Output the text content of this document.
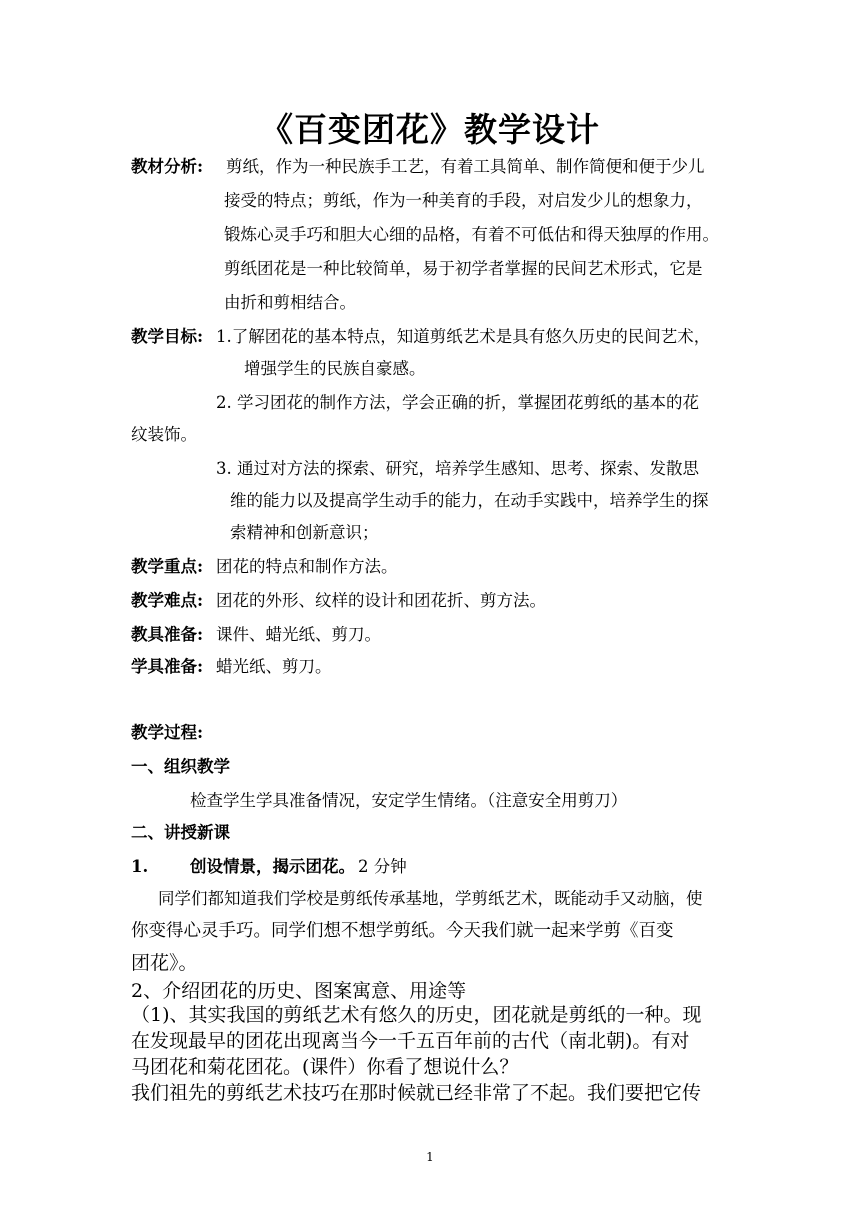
《百变团花》教学设计
教材分析: 剪纸，作为一种民族手工艺，有着工具简单、制作简便和便于少儿
接受的特点；剪纸，作为一种美育的手段，对启发少儿的想象力，
锻炼心灵手巧和胆大心细的品格，有着不可低估和得天独厚的作用。
剪纸团花是一种比较简单，易于初学者掌握的民间艺术形式，它是
由折和剪相结合。
教学目标: 1.了解团花的基本特点，知道剪纸艺术是具有悠久历史的民间艺术，
增强学生的民族自豪感。
2. 学习团花的制作方法，学会正确的折，掌握团花剪纸的基本的花
纹装饰。
3. 通过对方法的探索、研究，培养学生感知、思考、探索、发散思
维的能力以及提高学生动手的能力，在动手实践中，培养学生的探
索精神和创新意识；
教学重点: 团花的特点和制作方法。
教学难点: 团花的外形、纹样的设计和团花折、剪方法。
教具准备: 课件、蜡光纸、剪刀。
学具准备: 蜡光纸、剪刀。
教学过程:
一、组织教学
检查学生学具准备情况，安定学生情绪。（注意安全用剪刀）
二、讲授新课
1.	创设情景，揭示团花。 2 分钟
同学们都知道我们学校是剪纸传承基地，学剪纸艺术，既能动手又动脑，使
你变得心灵手巧。同学们想不想学剪纸。今天我们就一起来学剪《百变
团花》。
2、介绍团花的历史、图案寓意、用途等
（1)、其实我国的剪纸艺术有悠久的历史，团花就是剪纸的一种。现
在发现最早的团花出现离当今一千五百年前的古代（南北朝)。有对
马团花和菊花团花。(课件）你看了想说什么？
我们祖先的剪纸艺术技巧在那时候就已经非常了不起。我们要把它传
1
